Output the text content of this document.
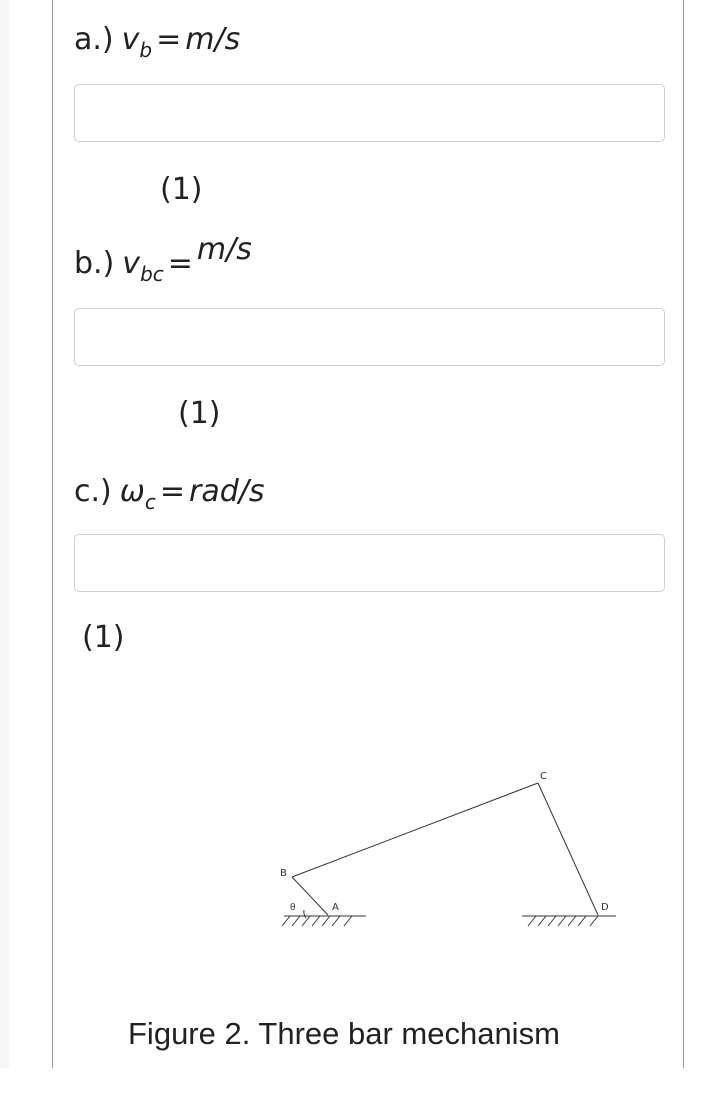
a.) $v_b = m/s$
(1)
b.) $v_{bc} = m/s$
(1)
c.) $\omega_c = rad/s$
(1)
B
A
C
D
θ
Figure 2. Three bar mechanism
